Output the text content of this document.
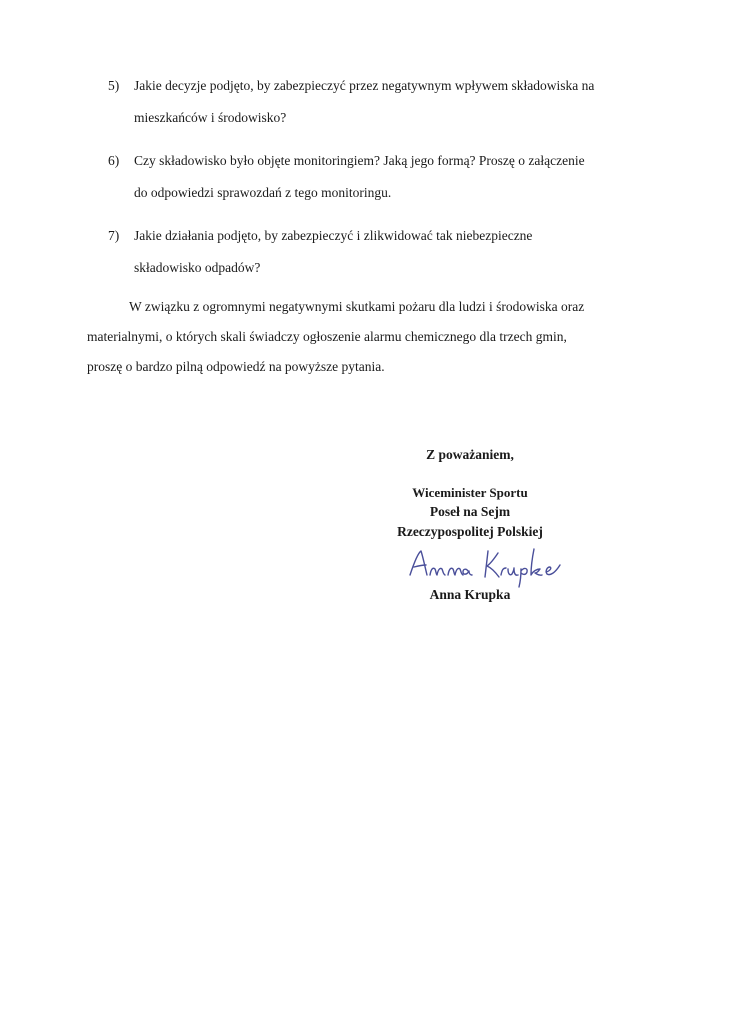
5)	Jakie decyzje podjęto, by zabezpieczyć przez negatywnym wpływem składowiska na
mieszkańców i środowisko?
6)	Czy składowisko było objęte monitoringiem? Jaką jego formą? Proszę o załączenie
do odpowiedzi sprawozdań z tego monitoringu.
7)	Jakie działania podjęto, by zabezpieczyć i zlikwidować tak niebezpieczne
składowisko odpadów?
W związku z ogromnymi negatywnymi skutkami pożaru dla ludzi i środowiska oraz
materialnymi, o których skali świadczy ogłoszenie alarmu chemicznego dla trzech gmin,
proszę o bardzo pilną odpowiedź na powyższe pytania.
Z poważaniem,
Wiceminister Sportu
Poseł na Sejm
Rzeczypospolitej Polskiej
Anna Krupka
